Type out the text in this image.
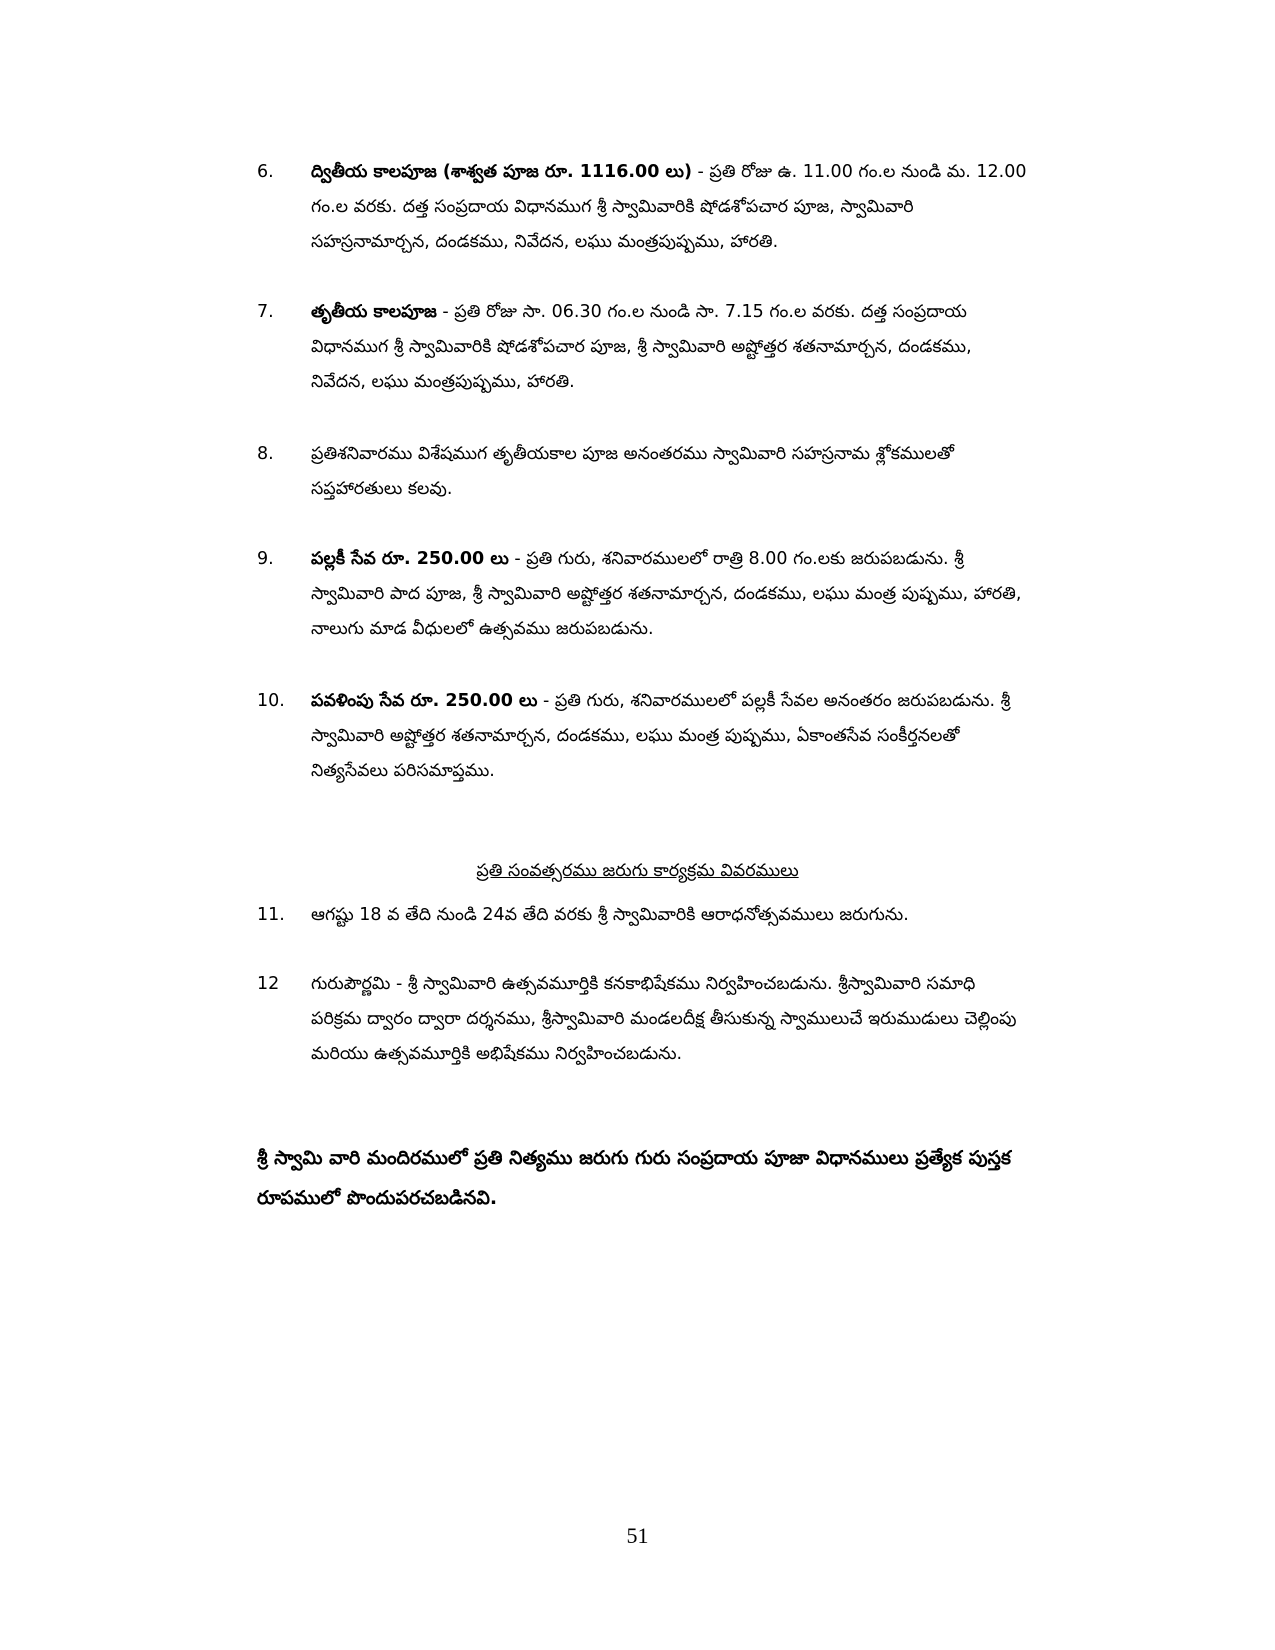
6.	ద్వితీయ కాలపూజ (శాశ్వత పూజ రూ. 1116.00 లు) - ప్రతి రోజు ఉ. 11.00 గం.ల నుండి మ. 12.00 గం.ల వరకు. దత్త సంప్రదాయ విధానముగ శ్రీ స్వామివారికి షోడశోపచార పూజ, స్వామివారి సహస్రనామార్చన, దండకము, నివేదన, లఘు మంత్రపుష్పము, హారతి.
7.	తృతీయ కాలపూజ - ప్రతి రోజు సా. 06.30 గం.ల నుండి సా. 7.15 గం.ల వరకు. దత్త సంప్రదాయ విధానముగ శ్రీ స్వామివారికి షోడశోపచార పూజ, శ్రీ స్వామివారి అష్టోత్తర శతనామార్చన, దండకము, నివేదన, లఘు మంత్రపుష్పము, హారతి.
8.	ప్రతిశనివారము విశేషముగ తృతీయకాల పూజ అనంతరము స్వామివారి సహస్రనామ శ్లోకములతో సప్తహారతులు కలవు.
9.	పల్లకీ సేవ రూ. 250.00 లు - ప్రతి గురు, శనివారములలో రాత్రి 8.00 గం.లకు జరుపబడును. శ్రీ స్వామివారి పాద పూజ, శ్రీ స్వామివారి అష్టోత్తర శతనామార్చన, దండకము, లఘు మంత్ర పుష్పము, హారతి, నాలుగు మాడ వీధులలో ఉత్సవము జరుపబడును.
10.	పవళింపు సేవ రూ. 250.00 లు - ప్రతి గురు, శనివారములలో పల్లకీ సేవల అనంతరం జరుపబడును. శ్రీ స్వామివారి అష్టోత్తర శతనామార్చన, దండకము, లఘు మంత్ర పుష్పము, ఏకాంతసేవ సంకీర్తనలతో నిత్యసేవలు పరిసమాప్తము.
ప్రతి సంవత్సరము జరుగు కార్యక్రమ వివరములు
11.	ఆగష్టు 18 వ తేది నుండి 24వ తేది వరకు శ్రీ స్వామివారికి ఆరాధనోత్సవములు జరుగును.
12	గురుపౌర్ణమి - శ్రీ స్వామివారి ఉత్సవమూర్తికి కనకాభిషేకము నిర్వహించబడును. శ్రీస్వామివారి సమాధి పరిక్రమ ద్వారం ద్వారా దర్శనము, శ్రీస్వామివారి మండలదీక్ష తీసుకున్న స్వాములుచే ఇరుముడులు చెల్లింపు మరియు ఉత్సవమూర్తికి అభిషేకము నిర్వహించబడును.
శ్రీ స్వామి వారి మందిరములో ప్రతి నిత్యము జరుగు గురు సంప్రదాయ పూజా విధానములు ప్రత్యేక పుస్తక రూపములో పొందుపరచబడినవి.
51
